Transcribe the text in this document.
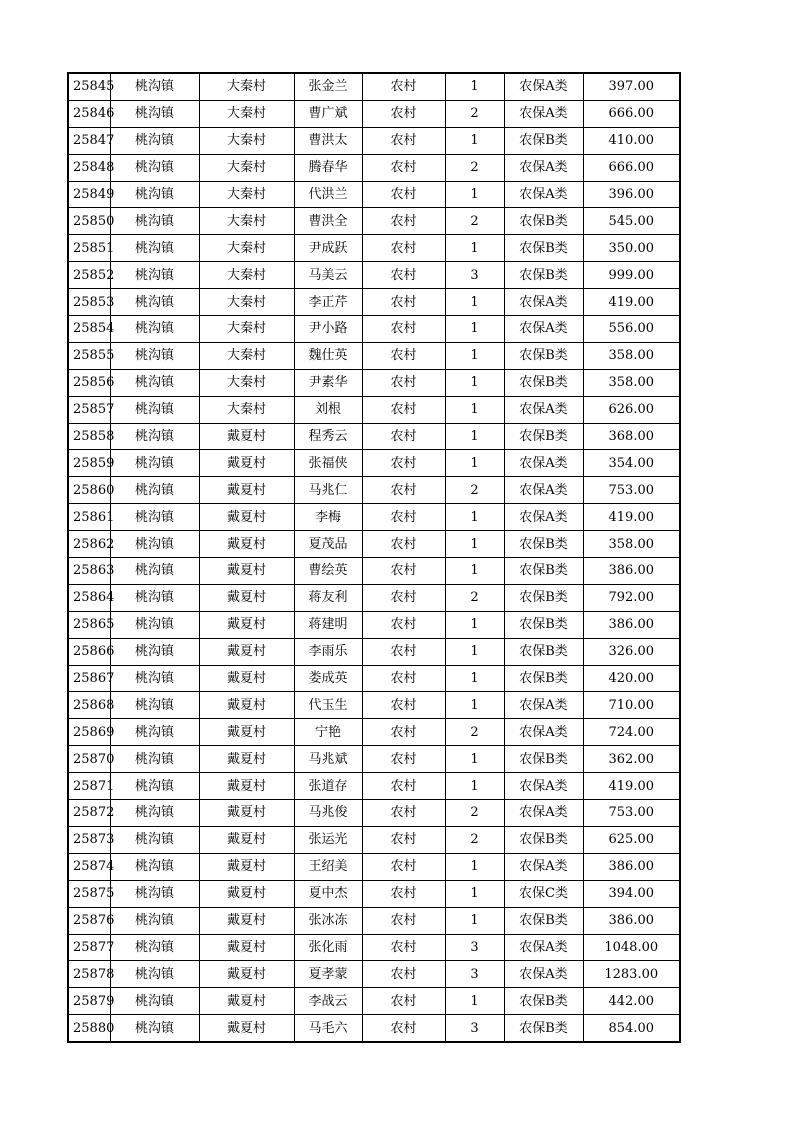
25845	桃沟镇	大秦村	张金兰	农村	1	农保A类	397.00
25846	桃沟镇	大秦村	曹广斌	农村	2	农保A类	666.00
25847	桃沟镇	大秦村	曹洪太	农村	1	农保B类	410.00
25848	桃沟镇	大秦村	腾春华	农村	2	农保A类	666.00
25849	桃沟镇	大秦村	代洪兰	农村	1	农保A类	396.00
25850	桃沟镇	大秦村	曹洪全	农村	2	农保B类	545.00
25851	桃沟镇	大秦村	尹成跃	农村	1	农保B类	350.00
25852	桃沟镇	大秦村	马美云	农村	3	农保B类	999.00
25853	桃沟镇	大秦村	李正芹	农村	1	农保A类	419.00
25854	桃沟镇	大秦村	尹小路	农村	1	农保A类	556.00
25855	桃沟镇	大秦村	魏仕英	农村	1	农保B类	358.00
25856	桃沟镇	大秦村	尹素华	农村	1	农保B类	358.00
25857	桃沟镇	大秦村	刘根	农村	1	农保A类	626.00
25858	桃沟镇	戴夏村	程秀云	农村	1	农保B类	368.00
25859	桃沟镇	戴夏村	张福侠	农村	1	农保A类	354.00
25860	桃沟镇	戴夏村	马兆仁	农村	2	农保A类	753.00
25861	桃沟镇	戴夏村	李梅	农村	1	农保A类	419.00
25862	桃沟镇	戴夏村	夏茂品	农村	1	农保B类	358.00
25863	桃沟镇	戴夏村	曹绘英	农村	1	农保B类	386.00
25864	桃沟镇	戴夏村	蒋友利	农村	2	农保B类	792.00
25865	桃沟镇	戴夏村	蒋建明	农村	1	农保B类	386.00
25866	桃沟镇	戴夏村	李雨乐	农村	1	农保B类	326.00
25867	桃沟镇	戴夏村	娄成英	农村	1	农保B类	420.00
25868	桃沟镇	戴夏村	代玉生	农村	1	农保A类	710.00
25869	桃沟镇	戴夏村	宁艳	农村	2	农保A类	724.00
25870	桃沟镇	戴夏村	马兆斌	农村	1	农保B类	362.00
25871	桃沟镇	戴夏村	张道存	农村	1	农保A类	419.00
25872	桃沟镇	戴夏村	马兆俊	农村	2	农保A类	753.00
25873	桃沟镇	戴夏村	张运光	农村	2	农保B类	625.00
25874	桃沟镇	戴夏村	王绍美	农村	1	农保A类	386.00
25875	桃沟镇	戴夏村	夏中杰	农村	1	农保C类	394.00
25876	桃沟镇	戴夏村	张冰冻	农村	1	农保B类	386.00
25877	桃沟镇	戴夏村	张化雨	农村	3	农保A类	1048.00
25878	桃沟镇	戴夏村	夏孝蒙	农村	3	农保A类	1283.00
25879	桃沟镇	戴夏村	李战云	农村	1	农保B类	442.00
25880	桃沟镇	戴夏村	马毛六	农村	3	农保B类	854.00
